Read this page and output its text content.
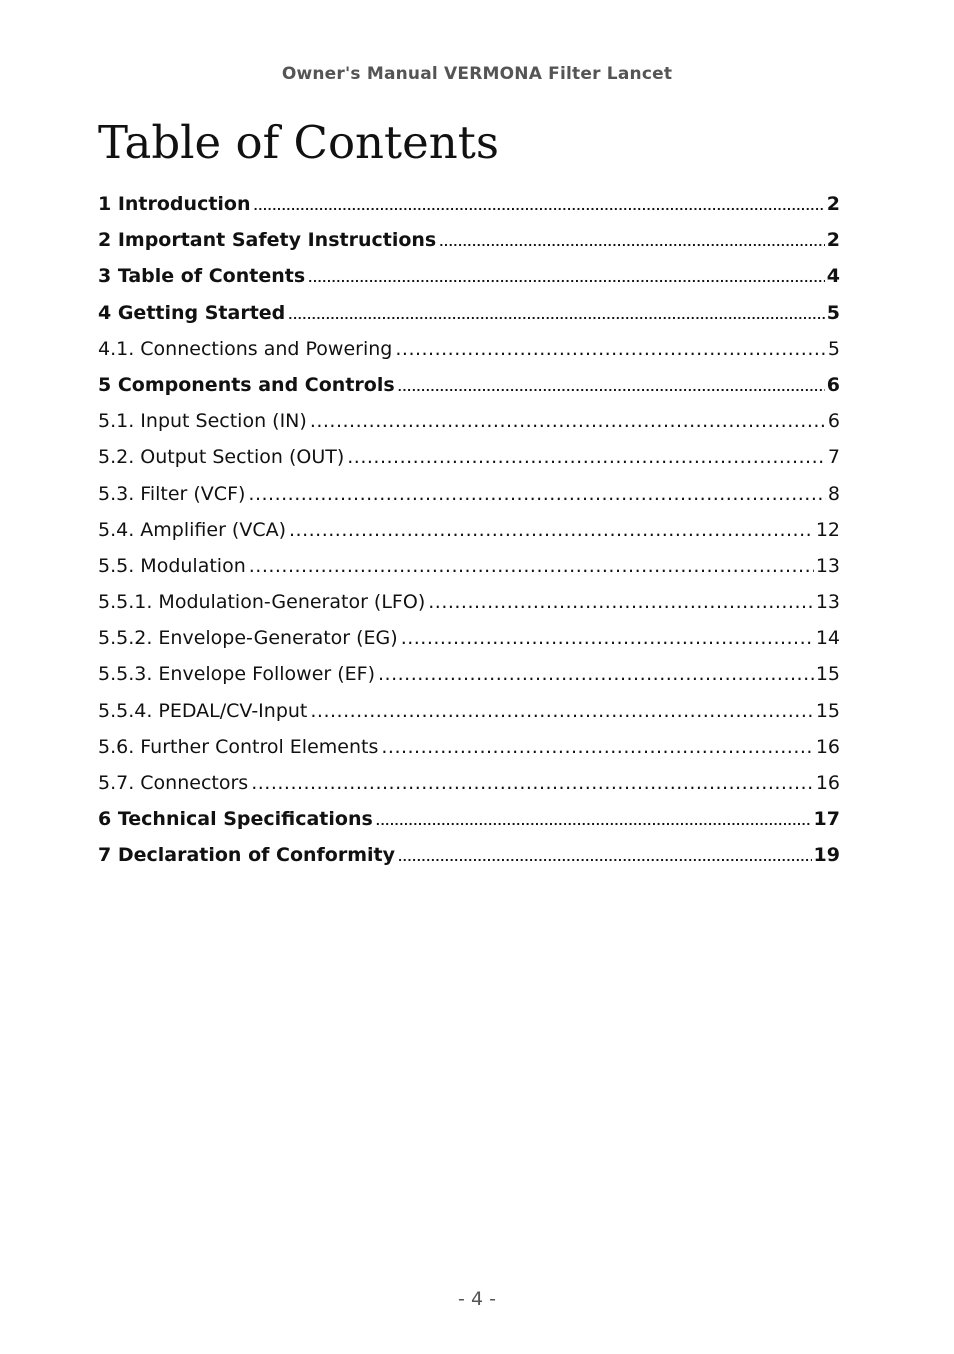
Owner's Manual VERMONA Filter Lancet
Table of Contents
1 Introduction .....	2
2 Important Safety Instructions .....	2
3 Table of Contents .....	4
4 Getting Started .....	5
4.1. Connections and Powering .....	5
5 Components and Controls .....	6
5.1. Input Section (IN) .....	6
5.2. Output Section (OUT) .....	7
5.3. Filter (VCF) .....	8
5.4. Amplifier (VCA) .....	12
5.5. Modulation .....	13
5.5.1. Modulation-Generator (LFO) .....	13
5.5.2. Envelope-Generator (EG) .....	14
5.5.3. Envelope Follower (EF) .....	15
5.5.4. PEDAL/CV-Input .....	15
5.6. Further Control Elements .....	16
5.7. Connectors .....	16
6 Technical Specifications .....	17
7 Declaration of Conformity .....	19
- 4 -
